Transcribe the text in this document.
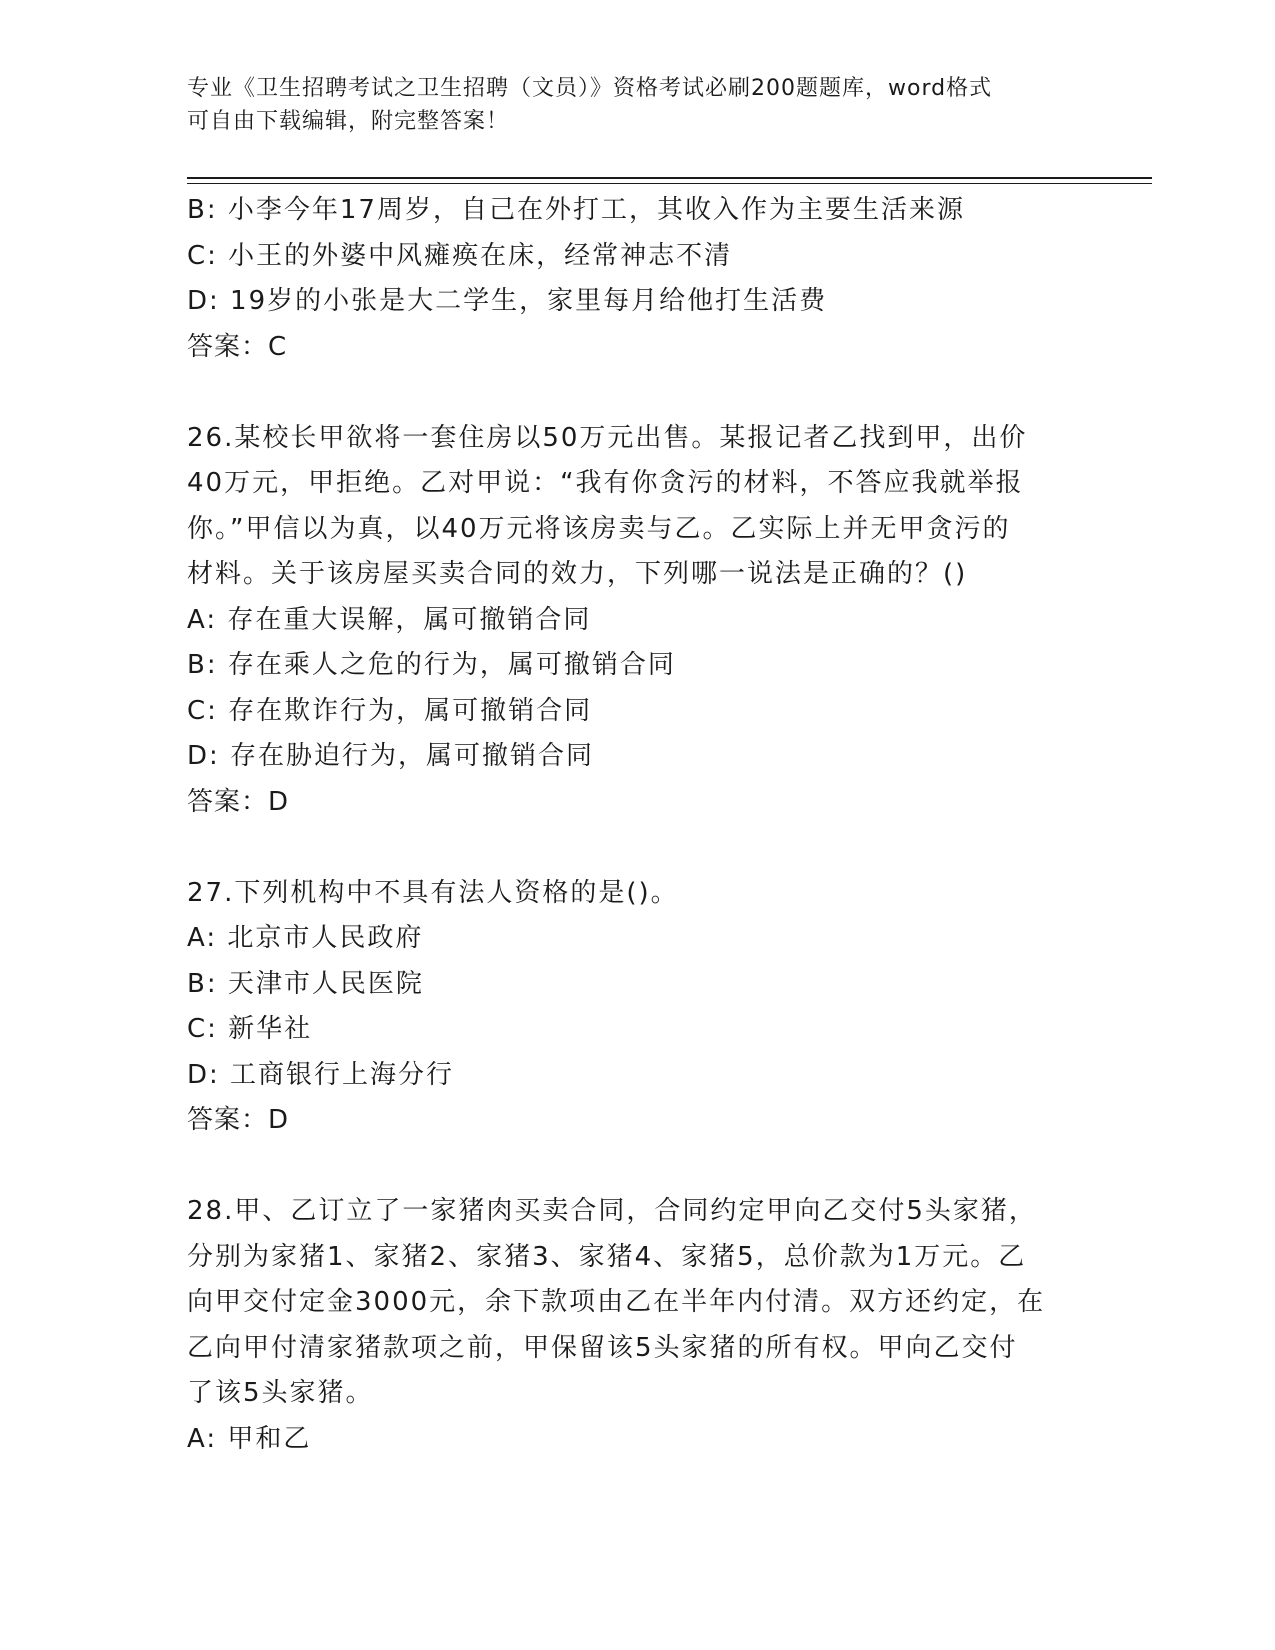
专业《卫生招聘考试之卫生招聘（文员）》资格考试必刷200题题库，word格式
可自由下载编辑，附完整答案！
B: 小李今年17周岁，自己在外打工，其收入作为主要生活来源
C: 小王的外婆中风瘫痪在床，经常神志不清
D: 19岁的小张是大二学生，家里每月给他打生活费
答案：C
26.某校长甲欲将一套住房以50万元出售。某报记者乙找到甲，出价
40万元，甲拒绝。乙对甲说：“我有你贪污的材料，不答应我就举报
你。”甲信以为真，以40万元将该房卖与乙。乙实际上并无甲贪污的
材料。关于该房屋买卖合同的效力，下列哪一说法是正确的？()
A: 存在重大误解，属可撤销合同
B: 存在乘人之危的行为，属可撤销合同
C: 存在欺诈行为，属可撤销合同
D: 存在胁迫行为，属可撤销合同
答案：D
27.下列机构中不具有法人资格的是()。
A: 北京市人民政府
B: 天津市人民医院
C: 新华社
D: 工商银行上海分行
答案：D
28.甲、乙订立了一家猪肉买卖合同，合同约定甲向乙交付5头家猪，
分别为家猪1、家猪2、家猪3、家猪4、家猪5，总价款为1万元。乙
向甲交付定金3000元，余下款项由乙在半年内付清。双方还约定，在
乙向甲付清家猪款项之前，甲保留该5头家猪的所有权。甲向乙交付
了该5头家猪。
A: 甲和乙
